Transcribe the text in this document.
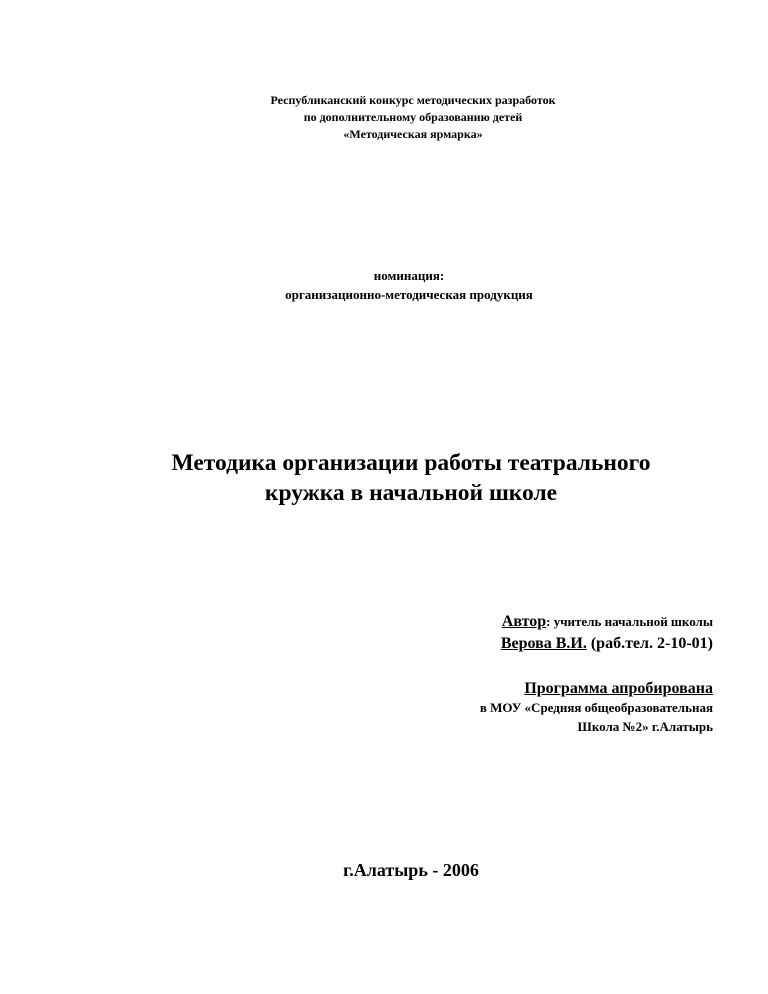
Республиканский конкурс методических разработок
по дополнительному образованию детей
«Методическая ярмарка»
номинация:
организационно-методическая продукция
Методика организации работы театрального
кружка в начальной школе
Автор: учитель начальной школы
Верова В.И. (раб.тел. 2-10-01)
Программа апробирована
в МОУ «Средняя общеобразовательная
Школа №2» г.Алатырь
г.Алатырь - 2006
